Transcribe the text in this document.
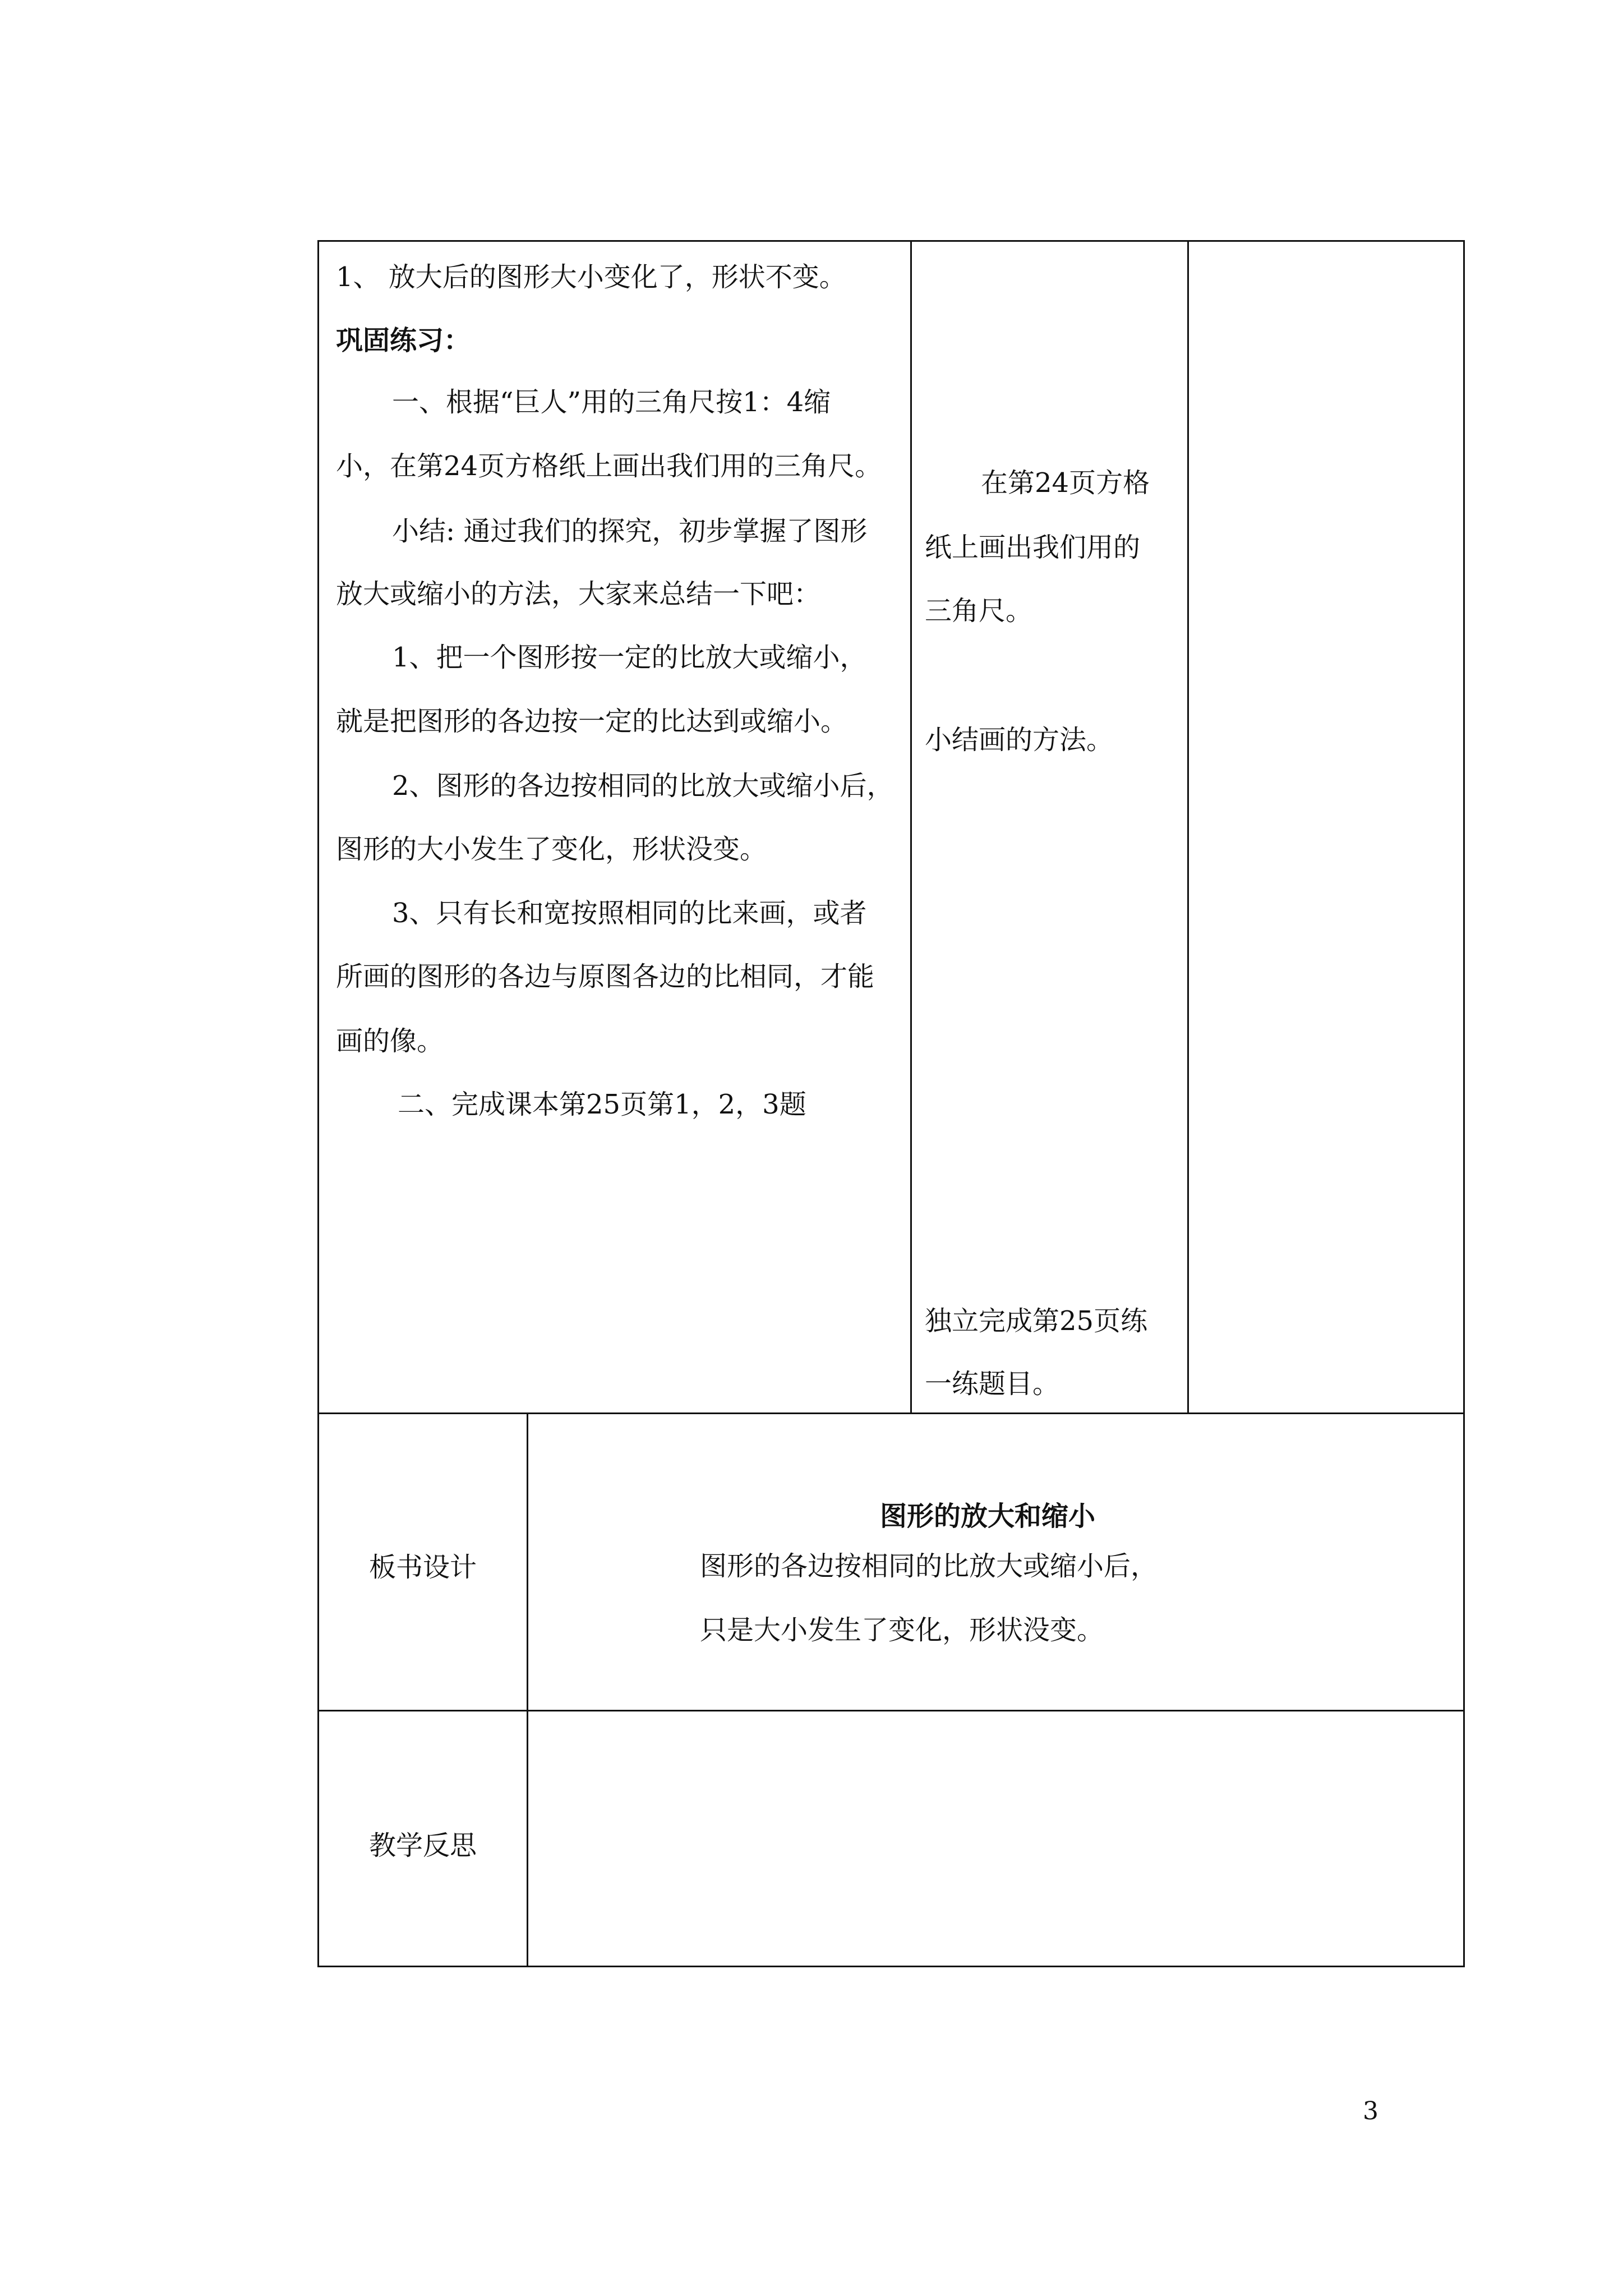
1、 放大后的图形大小变化了，形状不变。
巩固练习：
一、根据“巨人”用的三角尺按1：4缩
小，在第24页方格纸上画出我们用的三角尺。
小结: 通过我们的探究，初步掌握了图形
放大或缩小的方法，大家来总结一下吧：
1、把一个图形按一定的比放大或缩小，
就是把图形的各边按一定的比达到或缩小。
2、图形的各边按相同的比放大或缩小后，
图形的大小发生了变化，形状没变。
3、只有长和宽按照相同的比来画，或者
所画的图形的各边与原图各边的比相同，才能
画的像。
二、完成课本第25页第1，2，3题
在第24页方格
纸上画出我们用的
三角尺。
小结画的方法。
独立完成第25页练
一练题目。
板书设计
图形的放大和缩小
图形的各边按相同的比放大或缩小后，
只是大小发生了变化，形状没变。
教学反思
3
